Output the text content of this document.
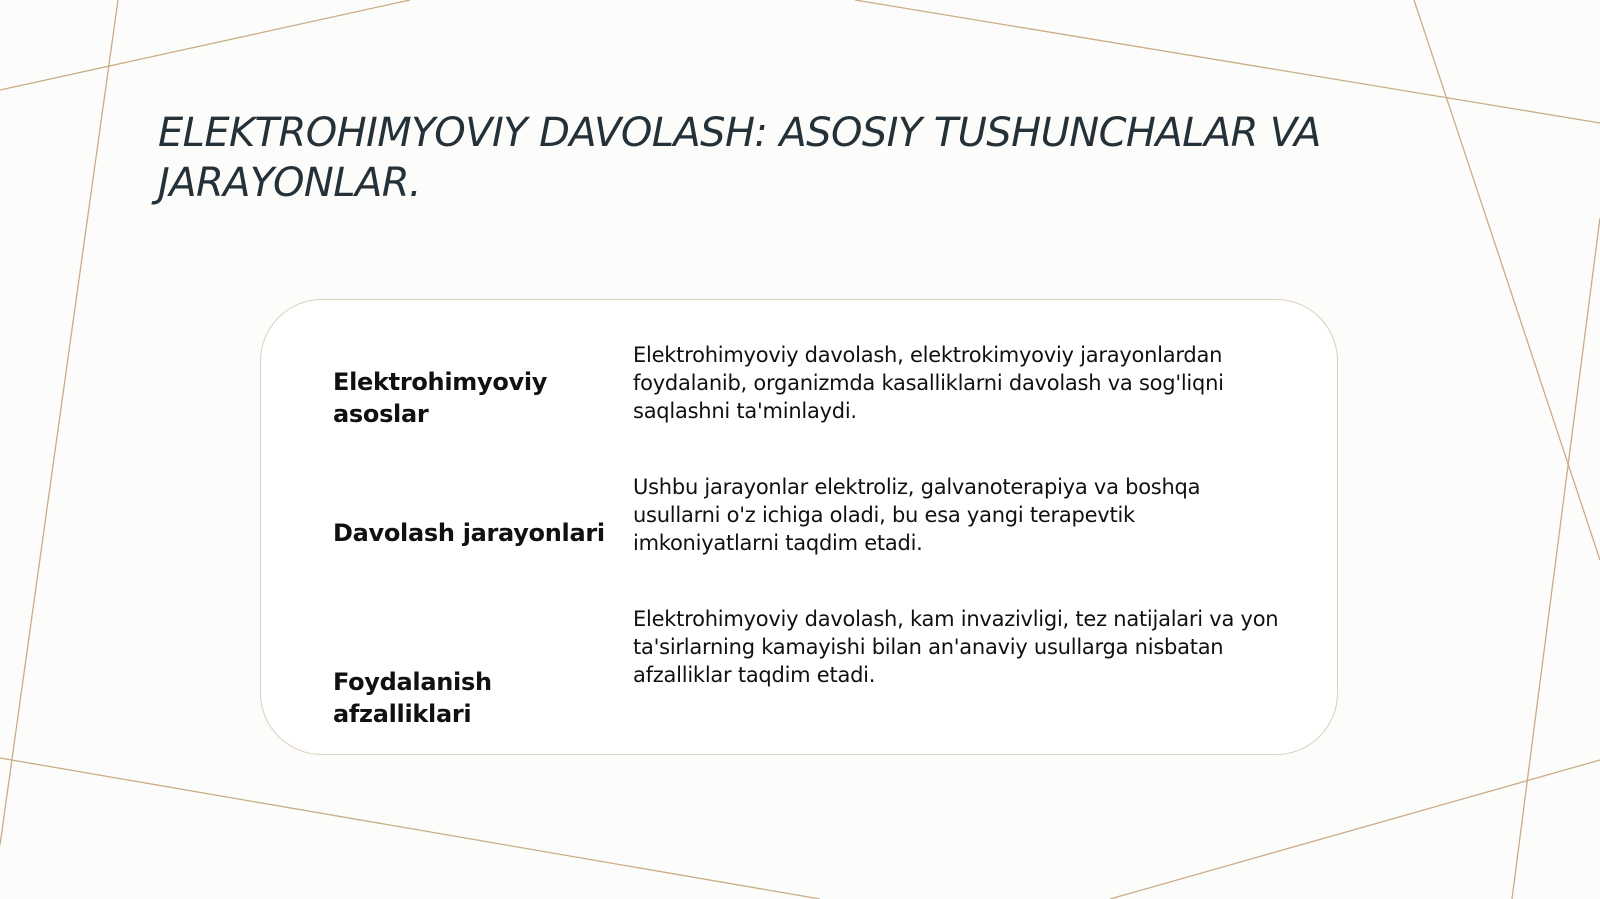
ELEKTROHIMYOVIY DAVOLASH: ASOSIY TUSHUNCHALAR VA JARAYONLAR.
Elektrohimyoviy asoslar
Elektrohimyoviy davolash, elektrokimyoviy jarayonlardan foydalanib, organizmda kasalliklarni davolash va sog'liqni saqlashni ta'minlaydi.
Davolash jarayonlari
Ushbu jarayonlar elektroliz, galvanoterapiya va boshqa usullarni o'z ichiga oladi, bu esa yangi terapevtik imkoniyatlarni taqdim etadi.
Foydalanish afzalliklari
Elektrohimyoviy davolash, kam invazivligi, tez natijalari va yon ta'sirlarning kamayishi bilan an'anaviy usullarga nisbatan afzalliklar taqdim etadi.
